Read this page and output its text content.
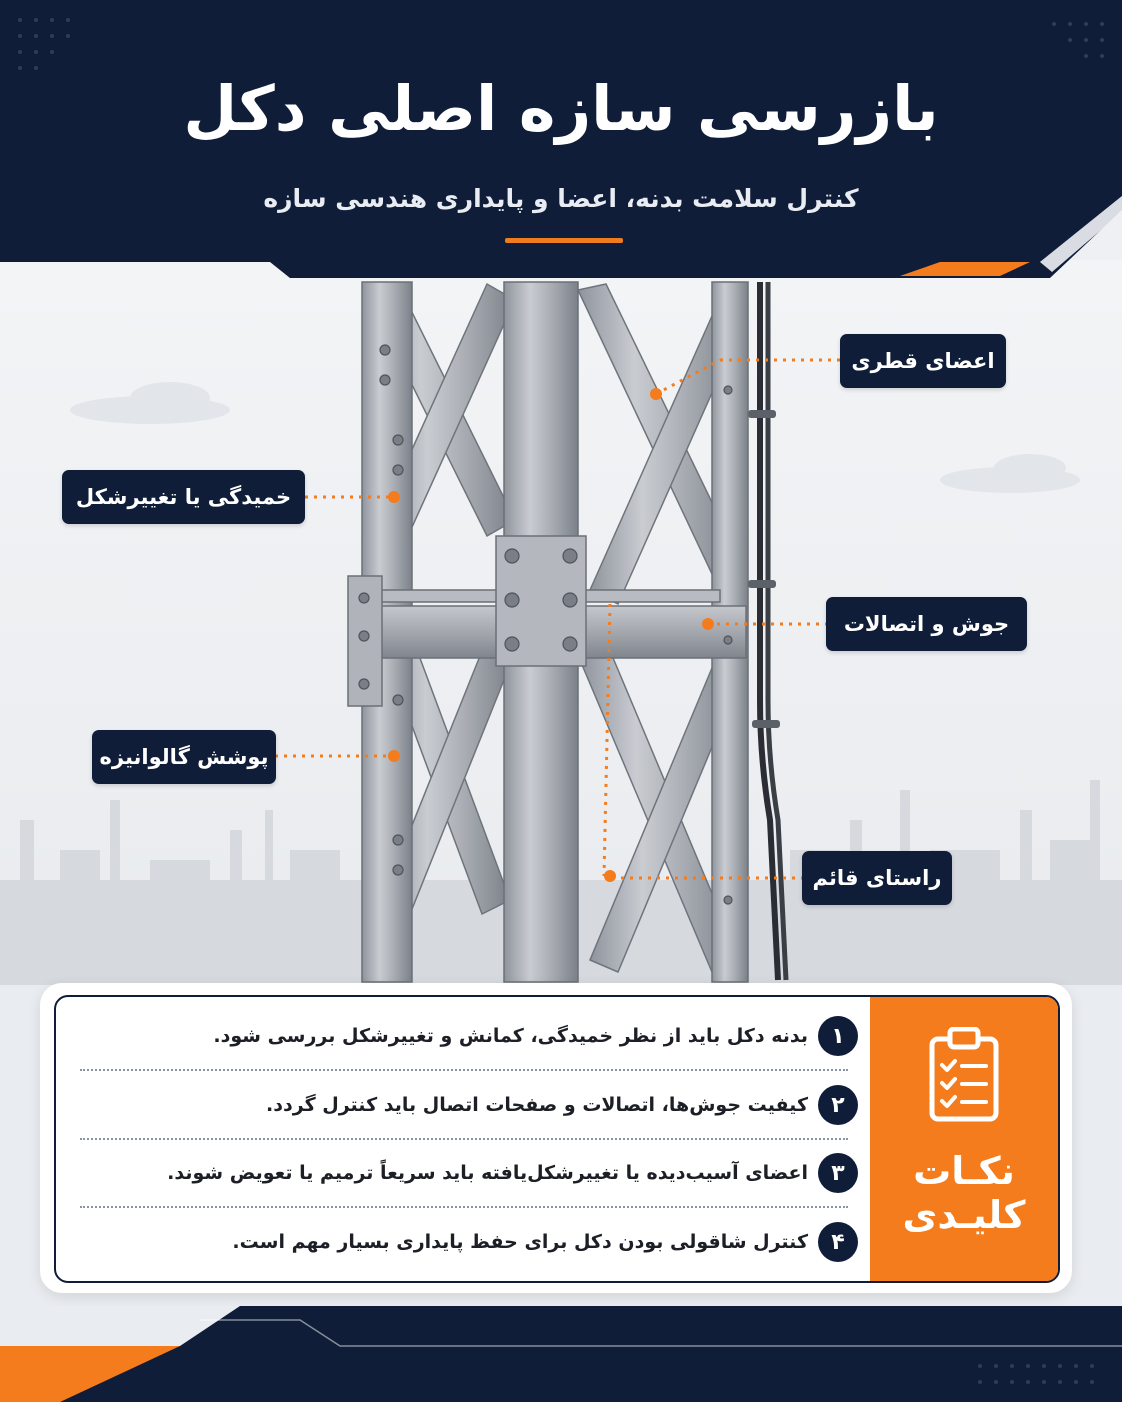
بازرسی سازه اصلی دکل
کنترل سلامت بدنه، اعضا و پایداری هندسی سازه
اعضای قطری
خمیدگی یا تغییرشکل
جوش و اتصالات
پوشش گالوانیزه
راستای قائم
نکـات
کلیـدی
۱
بدنه دکل باید از نظر خمیدگی، کمانش و تغییرشکل بررسی شود.
۲
کیفیت جوش‌ها، اتصالات و صفحات اتصال باید کنترل گردد.
۳
اعضای آسیب‌دیده یا تغییرشکل‌یافته باید سریعاً ترمیم یا تعویض شوند.
۴
کنترل شاقولی بودن دکل برای حفظ پایداری بسیار مهم است.
